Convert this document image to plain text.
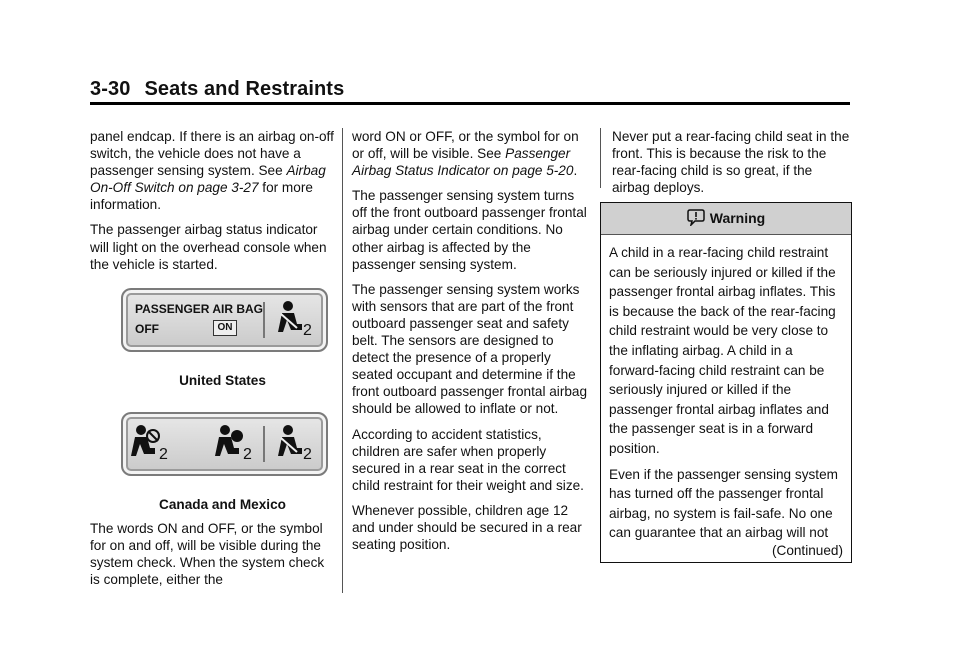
3-30 Seats and Restraints

panel endcap. If there is an airbag on-off switch, the vehicle does not have a passenger sensing system. See Airbag On-Off Switch on page 3-27 for more information.

The passenger airbag status indicator will light on the overhead console when the vehicle is started.

PASSENGER AIR BAG
OFF	ON	2
United States
2	2	2
Canada and Mexico

The words ON and OFF, or the symbol for on and off, will be visible during the system check. When the system check is complete, either the

word ON or OFF, or the symbol for on or off, will be visible. See Passenger Airbag Status Indicator on page 5-20.

The passenger sensing system turns off the front outboard passenger frontal airbag under certain conditions. No other airbag is affected by the passenger sensing system.

The passenger sensing system works with sensors that are part of the front outboard passenger seat and safety belt. The sensors are designed to detect the presence of a properly seated occupant and determine if the front outboard passenger frontal airbag should be allowed to inflate or not.

According to accident statistics, children are safer when properly secured in a rear seat in the correct child restraint for their weight and size.

Whenever possible, children age 12 and under should be secured in a rear seating position.

Never put a rear-facing child seat in the front. This is because the risk to the rear-facing child is so great, if the airbag deploys.

Warning

A child in a rear-facing child restraint can be seriously injured or killed if the passenger frontal airbag inflates. This is because the back of the rear-facing child restraint would be very close to the inflating airbag. A child in a forward-facing child restraint can be seriously injured or killed if the passenger frontal airbag inflates and the passenger seat is in a forward position.

Even if the passenger sensing system has turned off the passenger frontal airbag, no system is fail-safe. No one can guarantee that an airbag will not

(Continued)
